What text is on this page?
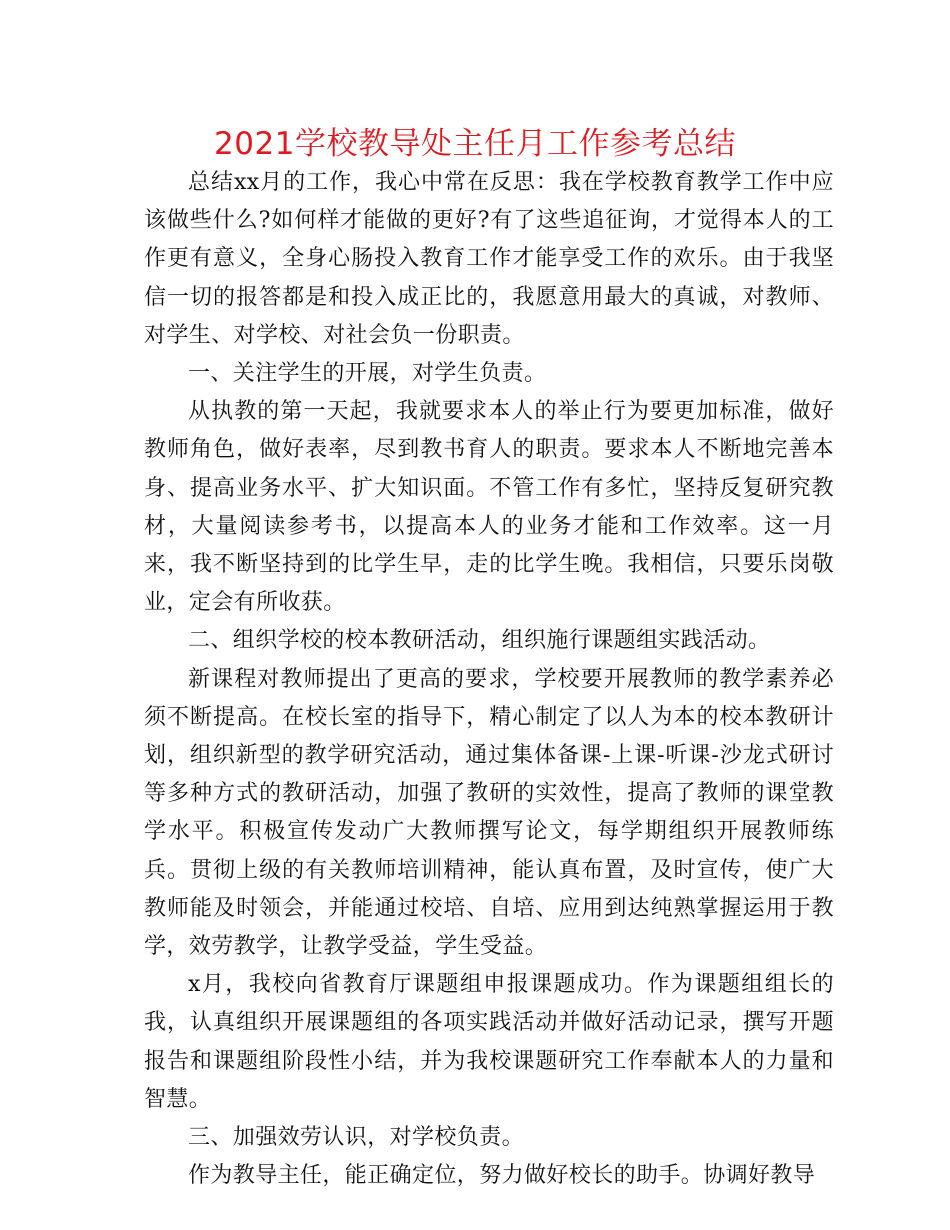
2021学校教导处主任月工作参考总结

总结xx月的工作，我心中常在反思：我在学校教育教学工作中应该做些什么?如何样才能做的更好?有了这些追征询，才觉得本人的工作更有意义，全身心肠投入教育工作才能享受工作的欢乐。由于我坚信一切的报答都是和投入成正比的，我愿意用最大的真诚，对教师、对学生、对学校、对社会负一份职责。

一、关注学生的开展，对学生负责。

从执教的第一天起，我就要求本人的举止行为要更加标准，做好教师角色，做好表率，尽到教书育人的职责。要求本人不断地完善本身、提高业务水平、扩大知识面。不管工作有多忙，坚持反复研究教材，大量阅读参考书，以提高本人的业务才能和工作效率。这一月来，我不断坚持到的比学生早，走的比学生晚。我相信，只要乐岗敬业，定会有所收获。

二、组织学校的校本教研活动，组织施行课题组实践活动。

新课程对教师提出了更高的要求，学校要开展教师的教学素养必须不断提高。在校长室的指导下，精心制定了以人为本的校本教研计划，组织新型的教学研究活动，通过集体备课-上课-听课-沙龙式研讨等多种方式的教研活动，加强了教研的实效性，提高了教师的课堂教学水平。积极宣传发动广大教师撰写论文，每学期组织开展教师练兵。贯彻上级的有关教师培训精神，能认真布置，及时宣传，使广大教师能及时领会，并能通过校培、自培、应用到达纯熟掌握运用于教学，效劳教学，让教学受益，学生受益。

x月，我校向省教育厅课题组申报课题成功。作为课题组组长的我，认真组织开展课题组的各项实践活动并做好活动记录，撰写开题报告和课题组阶段性小结，并为我校课题研究工作奉献本人的力量和智慧。

三、加强效劳认识，对学校负责。

作为教导主任，能正确定位，努力做好校长的助手。协调好教导
